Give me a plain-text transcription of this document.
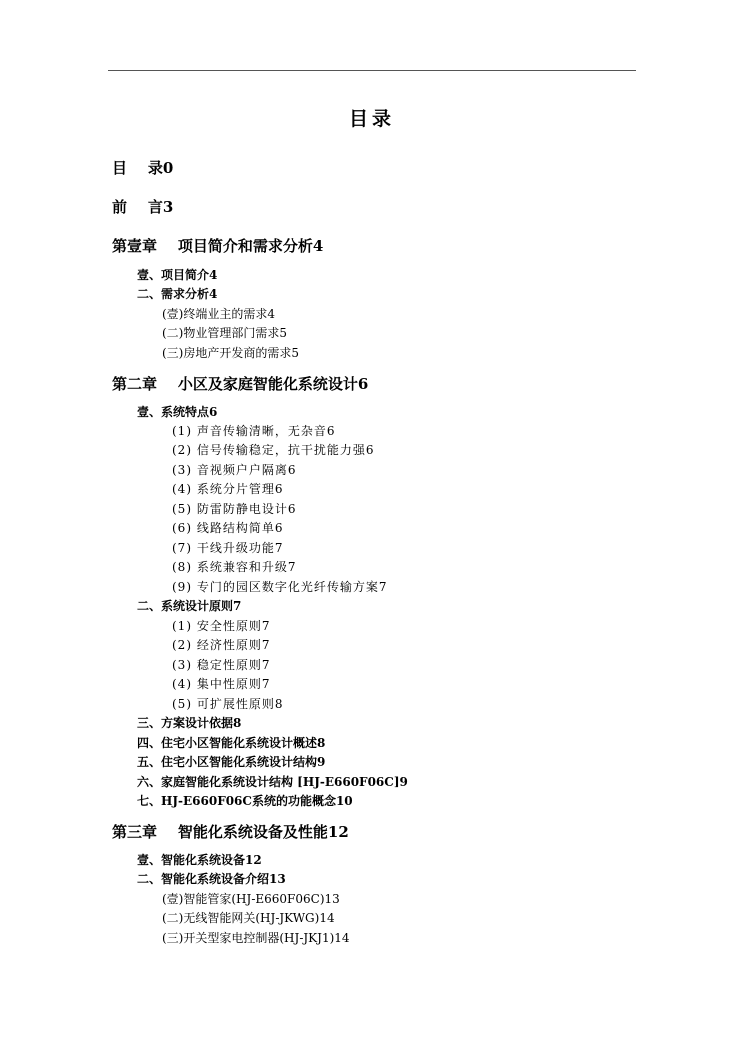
目录
目    录0
前    言3
第壹章    项目简介和需求分析4
壹、项目简介4
二、需求分析4
(壹)终端业主的需求4
(二)物业管理部门需求5
(三)房地产开发商的需求5
第二章    小区及家庭智能化系统设计6
壹、系统特点6
(1) 声音传输清晰，无杂音6
(2) 信号传输稳定，抗干扰能力强6
(3) 音视频户户隔离6
(4) 系统分片管理6
(5) 防雷防静电设计6
(6) 线路结构简单6
(7) 干线升级功能7
(8) 系统兼容和升级7
(9) 专门的园区数字化光纤传输方案7
二、系统设计原则7
(1) 安全性原则7
(2) 经济性原则7
(3) 稳定性原则7
(4) 集中性原则7
(5) 可扩展性原则8
三、方案设计依据8
四、住宅小区智能化系统设计概述8
五、住宅小区智能化系统设计结构9
六、家庭智能化系统设计结构 [HJ-E660F06C]9
七、HJ-E660F06C系统的功能概念10
第三章    智能化系统设备及性能12
壹、智能化系统设备12
二、智能化系统设备介绍13
(壹)智能管家(HJ-E660F06C)13
(二)无线智能网关(HJ-JKWG)14
(三)开关型家电控制器(HJ-JKJ1)14
